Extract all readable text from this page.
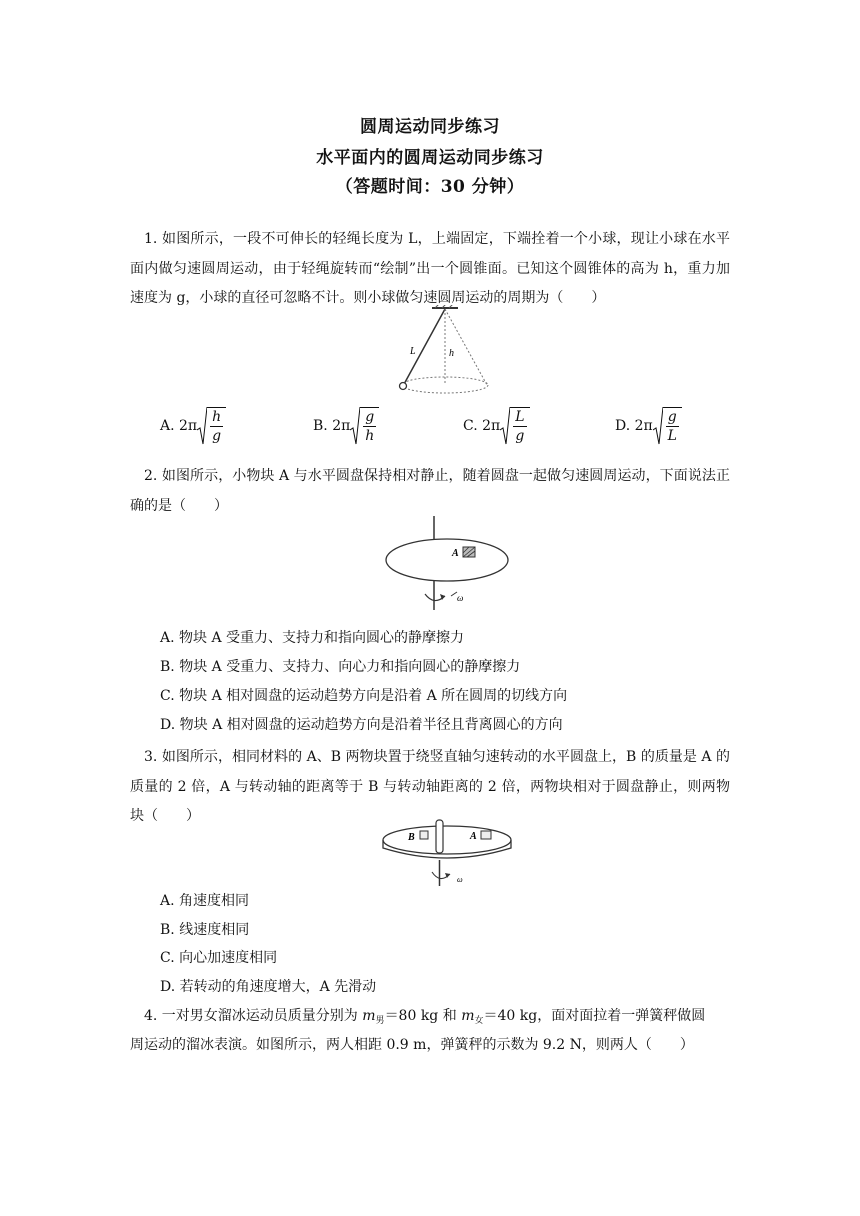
圆周运动同步练习
水平面内的圆周运动同步练习
（答题时间：30 分钟）
1. 如图所示，一段不可伸长的轻绳长度为 L，上端固定，下端拴着一个小球，现让小球在水平面内做匀速圆周运动，由于轻绳旋转而“绘制”出一个圆锥面。已知这个圆锥体的高为 h，重力加速度为 g，小球的直径可忽略不计。则小球做匀速圆周运动的周期为（　　）
L	h
A. $2\pi \frac{h}{g}$	B. $2\pi \frac{g}{h}$	C. $2\pi \frac{L}{g}$	D. $2\pi \frac{g}{L}$
2. 如图所示，小物块 A 与水平圆盘保持相对静止，随着圆盘一起做匀速圆周运动，下面说法正确的是（　　）
A
ω
A. 物块 A 受重力、支持力和指向圆心的静摩擦力
B. 物块 A 受重力、支持力、向心力和指向圆心的静摩擦力
C. 物块 A 相对圆盘的运动趋势方向是沿着 A 所在圆周的切线方向
D. 物块 A 相对圆盘的运动趋势方向是沿着半径且背离圆心的方向
3. 如图所示，相同材料的 A、B 两物块置于绕竖直轴匀速转动的水平圆盘上，B 的质量是 A 的质量的 2 倍，A 与转动轴的距离等于 B 与转动轴距离的 2 倍，两物块相对于圆盘静止，则两物块（　　）
B	A
ω
A. 角速度相同
B. 线速度相同
C. 向心加速度相同
D. 若转动的角速度增大，A 先滑动
4. 一对男女溜冰运动员质量分别为 $m_男=80$ kg 和 $m_女=40$ kg，面对面拉着一弹簧秤做圆
周运动的溜冰表演。如图所示，两人相距 0.9 m，弹簧秤的示数为 9.2 N，则两人（　　）
